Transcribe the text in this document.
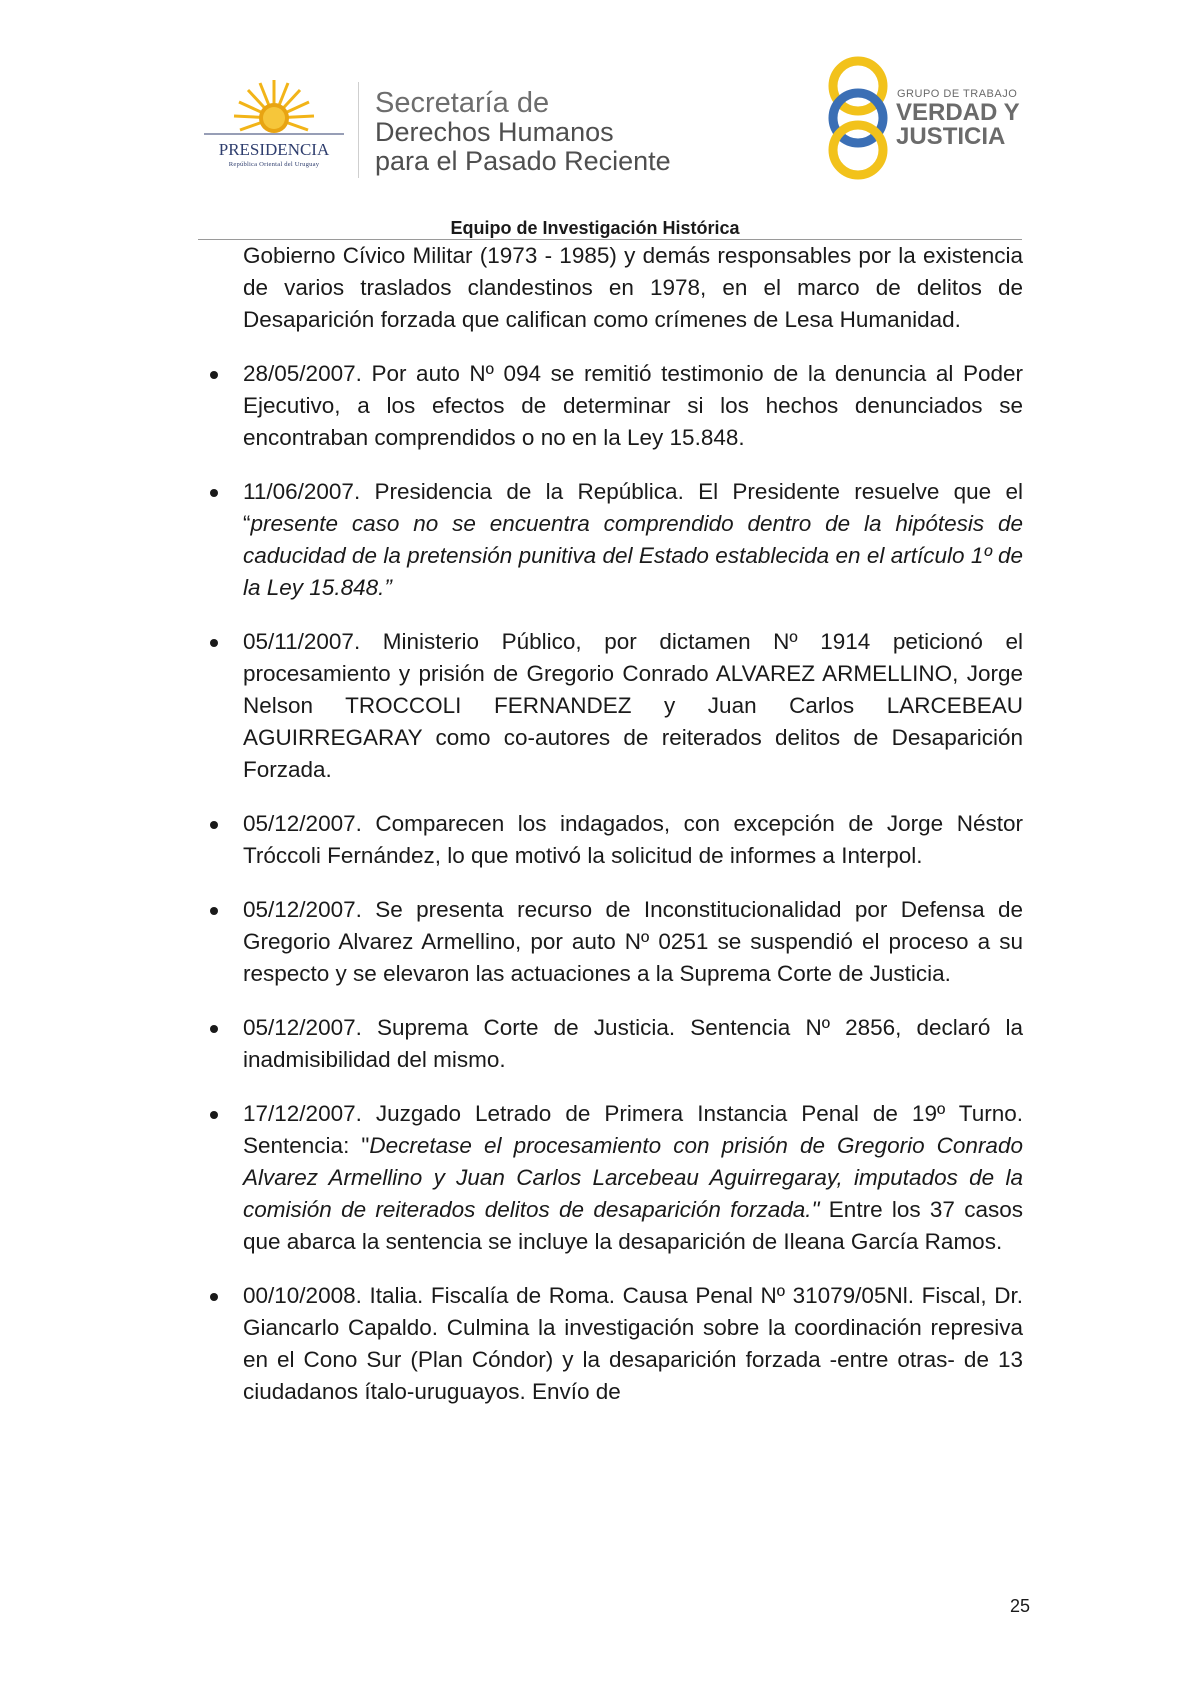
PRESIDENCIA
República Oriental del Uruguay
Secretaría de
Derechos Humanos
para el Pasado Reciente
GRUPO DE TRABAJO
VERDAD Y
JUSTICIA
Equipo de Investigación Histórica

Gobierno Cívico Militar (1973 - 1985) y demás responsables por la existencia de varios traslados clandestinos en 1978, en el marco de delitos de Desaparición forzada que califican como crímenes de Lesa Humanidad.

28/05/2007. Por auto Nº 094 se remitió testimonio de la denuncia al Poder Ejecutivo, a los efectos de determinar si los hechos denunciados se encontraban comprendidos o no en la Ley 15.848.
11/06/2007. Presidencia de la República. El Presidente resuelve que el “presente caso no se encuentra comprendido dentro de la hipótesis de caducidad de la pretensión punitiva del Estado establecida en el artículo 1º de la Ley 15.848.”
05/11/2007. Ministerio Público, por dictamen Nº 1914 peticionó el procesamiento y prisión de Gregorio Conrado ALVAREZ ARMELLINO, Jorge Nelson TROCCOLI FERNANDEZ y Juan Carlos LARCEBEAU AGUIRREGARAY como co-autores de reiterados delitos de Desaparición Forzada.
05/12/2007. Comparecen los indagados, con excepción de Jorge Néstor Tróccoli Fernández, lo que motivó la solicitud de informes a Interpol.
05/12/2007. Se presenta recurso de Inconstitucionalidad por Defensa de Gregorio Alvarez Armellino, por auto Nº 0251 se suspendió el proceso a su respecto y se elevaron las actuaciones a la Suprema Corte de Justicia.
05/12/2007. Suprema Corte de Justicia. Sentencia Nº 2856, declaró la inadmisibilidad del mismo.
17/12/2007. Juzgado Letrado de Primera Instancia Penal de 19º Turno. Sentencia: "Decretase el procesamiento con prisión de Gregorio Conrado Alvarez Armellino y Juan Carlos Larcebeau Aguirregaray, imputados de la comisión de reiterados delitos de desaparición forzada." Entre los 37 casos que abarca la sentencia se incluye la desaparición de Ileana García Ramos.
00/10/2008. Italia. Fiscalía de Roma. Causa Penal Nº 31079/05Nl. Fiscal, Dr. Giancarlo Capaldo. Culmina la investigación sobre la coordinación represiva en el Cono Sur (Plan Cóndor) y la desaparición forzada -entre otras- de 13 ciudadanos ítalo-uruguayos. Envío de
25
